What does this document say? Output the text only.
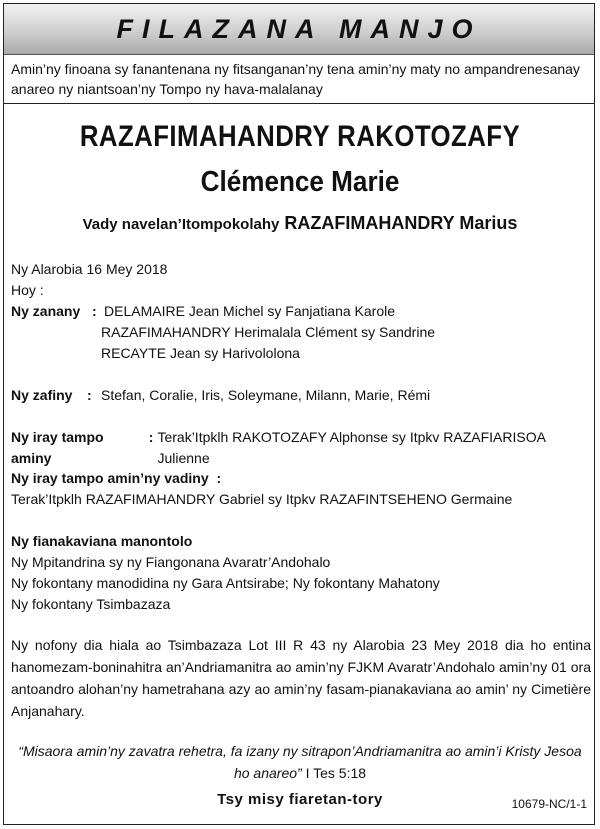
FILAZANA MANJO
Amin’ny finoana sy fanantenana ny fitsanganan’ny tena amin’ny maty no ampandrenesanay anareo ny niantsoan’ny Tompo ny hava-malalanay
RAZAFIMAHANDRY RAKOTOZAFY
Clémence Marie
Vady navelan’Itompokolahy RAZAFIMAHANDRY Marius
Ny Alarobia 16 Mey 2018
Hoy :
Ny zanany : DELAMAIRE Jean Michel sy Fanjatiana Karole
RAZAFIMAHANDRY Herimalala Clément sy Sandrine
RECAYTE Jean sy Harivololona
Ny zafiny	: Stefan, Coralie, Iris, Soleymane, Milann, Marie, Rémi
Ny iray tampo aminy
: Terak’Itpklh RAKOTOZAFY Alphonse sy Itpkv RAZAFIARISOA Julienne
Ny iray tampo amin’ny vadiny :
Terak’Itpklh RAZAFIMAHANDRY Gabriel sy Itpkv RAZAFINTSEHENO Germaine
Ny fianakaviana manontolo
Ny Mpitandrina sy ny Fiangonana Avaratr’Andohalo
Ny fokontany manodidina ny Gara Antsirabe; Ny fokontany Mahatony
Ny fokontany Tsimbazaza
Ny nofony dia hiala ao Tsimbazaza Lot III R 43 ny Alarobia 23 Mey 2018 dia ho entina hanomezam-boninahitra an’Andriamanitra ao amin’ny FJKM Avaratr’Andohalo amin’ny 01 ora antoandro alohan’ny hametrahana azy ao amin’ny fasam-pianakaviana ao amin’ ny Cimetière Anjanahary.
“Misaora amin’ny zavatra rehetra, fa izany ny sitrapon’Andriamanitra ao amin’i Kristy Jesoa ho anareo” I Tes 5:18
Tsy misy fiaretan-tory	10679-NC/1-1
